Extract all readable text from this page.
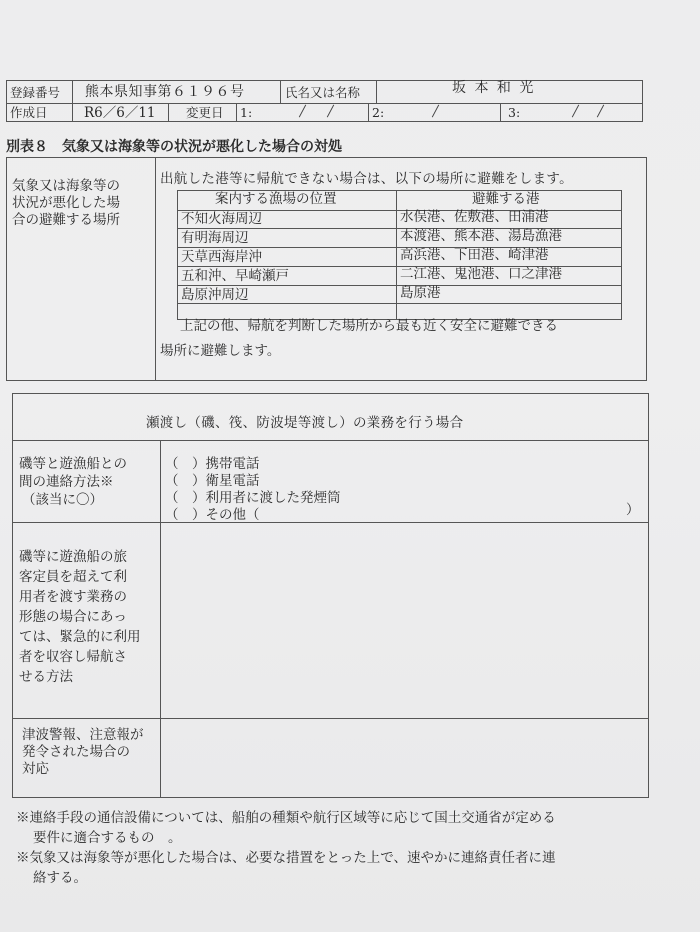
登録番号 熊本県知事第６１９６号	氏名又は名称	坂 本 和 光
作成日	R6／6／11 変更日 1:	2:	3:
別表８　気象又は海象等の状況が悪化した場合の対処
気象又は海象等の
状況が悪化した場
合の避難する場所
出航した港等に帰航できない場合は、以下の場所に避難をします。
案内する漁場の位置	避難する港
不知火海周辺	水俣港、佐敷港、田浦港
有明海周辺	本渡港、熊本港、湯島漁港
天草西海岸沖	高浜港、下田港、崎津港
五和沖、早崎瀬戸	二江港、鬼池港、口之津港
島原沖周辺	島原港
上記の他、帰航を判断した場所から最も近く安全に避難できる
場所に避難します。
瀬渡し（磯、筏、防波堤等渡し）の業務を行う場合
磯等と遊漁船との
間の連絡方法※
（該当に〇）
（　）携帯電話
（　）衛星電話
（　）利用者に渡した発煙筒
（　）その他（	）
磯等に遊漁船の旅
客定員を超えて利
用者を渡す業務の
形態の場合にあっ
ては、緊急的に利用
者を収容し帰航さ
せる方法
津波警報、注意報が
発令された場合の
対応
※連絡手段の通信設備については、船舶の種類や航行区域等に応じて国土交通省が定める
要件に適合するもの　。
※気象又は海象等が悪化した場合は、必要な措置をとった上で、速やかに連絡責任者に連
絡する。
